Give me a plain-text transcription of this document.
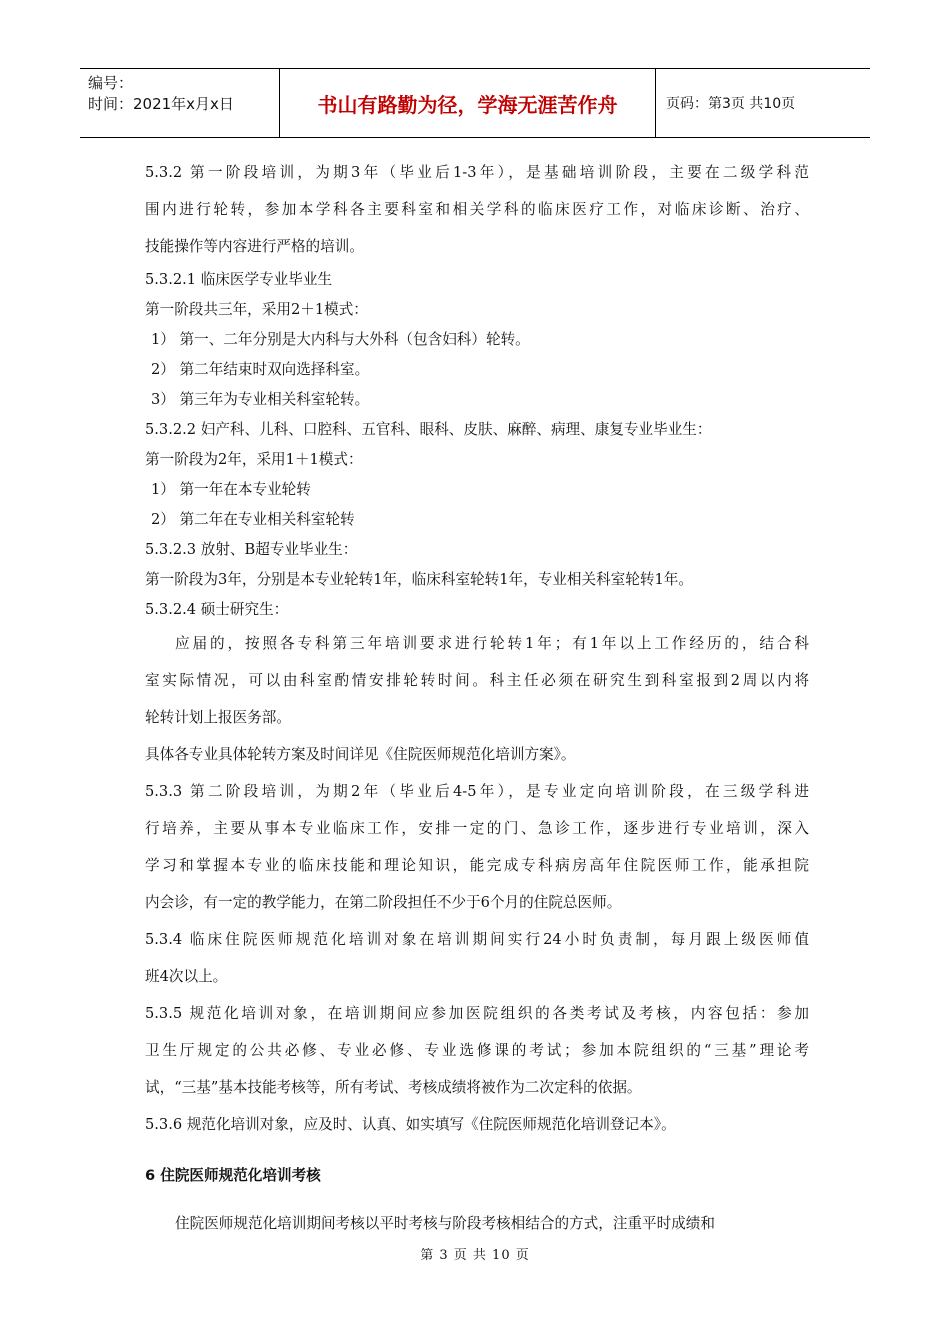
编号：
时间：2021年x月x日	书山有路勤为径，学海无涯苦作舟	页码：第3页 共10页

5.3.2 第一阶段培训，为期3年（毕业后1-3年），是基础培训阶段，主要在二级学科范

围内进行轮转，参加本学科各主要科室和相关学科的临床医疗工作，对临床诊断、治疗、

技能操作等内容进行严格的培训。

5.3.2.1 临床医学专业毕业生

第一阶段共三年，采用2＋1模式：

1） 第一、二年分别是大内科与大外科（包含妇科）轮转。

2） 第二年结束时双向选择科室。

3） 第三年为专业相关科室轮转。

5.3.2.2 妇产科、儿科、口腔科、五官科、眼科、皮肤、麻醉、病理、康复专业毕业生：

第一阶段为2年，采用1＋1模式：

1） 第一年在本专业轮转

2） 第二年在专业相关科室轮转

5.3.2.3 放射、B超专业毕业生：

第一阶段为3年，分别是本专业轮转1年，临床科室轮转1年，专业相关科室轮转1年。

5.3.2.4 硕士研究生：

应届的，按照各专科第三年培训要求进行轮转1年；有1年以上工作经历的，结合科

室实际情况，可以由科室酌情安排轮转时间。科主任必须在研究生到科室报到2周以内将

轮转计划上报医务部。

具体各专业具体轮转方案及时间详见《住院医师规范化培训方案》。

5.3.3 第二阶段培训，为期2年（毕业后4-5年），是专业定向培训阶段，在三级学科进

行培养，主要从事本专业临床工作，安排一定的门、急诊工作，逐步进行专业培训，深入

学习和掌握本专业的临床技能和理论知识，能完成专科病房高年住院医师工作，能承担院

内会诊，有一定的教学能力，在第二阶段担任不少于6个月的住院总医师。

5.3.4 临床住院医师规范化培训对象在培训期间实行24小时负责制，每月跟上级医师值

班4次以上。

5.3.5 规范化培训对象，在培训期间应参加医院组织的各类考试及考核，内容包括：参加

卫生厅规定的公共必修、专业必修、专业选修课的考试；参加本院组织的“三基”理论考

试，“三基”基本技能考核等，所有考试、考核成绩将被作为二次定科的依据。

5.3.6 规范化培训对象，应及时、认真、如实填写《住院医师规范化培训登记本》。

6 住院医师规范化培训考核

住院医师规范化培训期间考核以平时考核与阶段考核相结合的方式，注重平时成绩和

第 3 页 共 10 页
